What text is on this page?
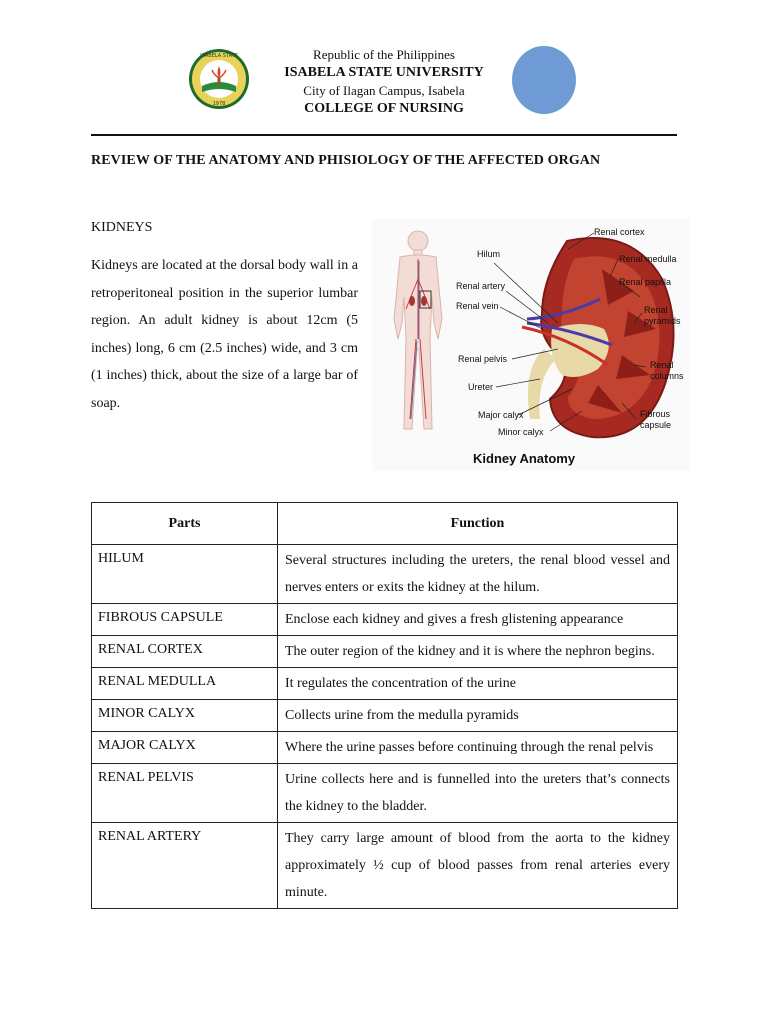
ISABELA STATE
1978
Republic of the Philippines
ISABELA STATE UNIVERSITY
City of Ilagan Campus, Isabela
COLLEGE OF NURSING
REVIEW OF THE ANATOMY AND PHISIOLOGY OF THE AFFECTED ORGAN
KIDNEYS
Kidneys are located at the dorsal body wall in a retroperitoneal position in the superior lumbar region. An adult kidney is about 12cm (5 inches) long, 6 cm (2.5 inches) wide, and 3 cm (1 inches) thick, about the size of a large bar of soap.
Renal cortex
Hilum	Renal medulla
Renal papilla
Renal artery
Renal vein	Renal
pyramids
Renal pelvis
Renal
columns
Ureter
Major calyx	Fibrous
capsule
Minor calyx
Kidney Anatomy
Parts	Function
HILUM	Several structures including the ureters, the renal blood vessel and nerves enters or exits the kidney at the hilum.
FIBROUS CAPSULE	Enclose each kidney and gives a fresh glistening appearance
RENAL CORTEX	The outer region of the kidney and it is where the nephron begins.
RENAL MEDULLA	It regulates the concentration of the urine
MINOR CALYX	Collects urine from the medulla pyramids
MAJOR CALYX	Where the urine passes before continuing through the renal pelvis
RENAL PELVIS	Urine collects here and is funnelled into the ureters that’s connects the kidney to the bladder.
RENAL ARTERY	They carry large amount of blood from the aorta to the kidney approximately ½ cup of blood passes from renal arteries every minute.
